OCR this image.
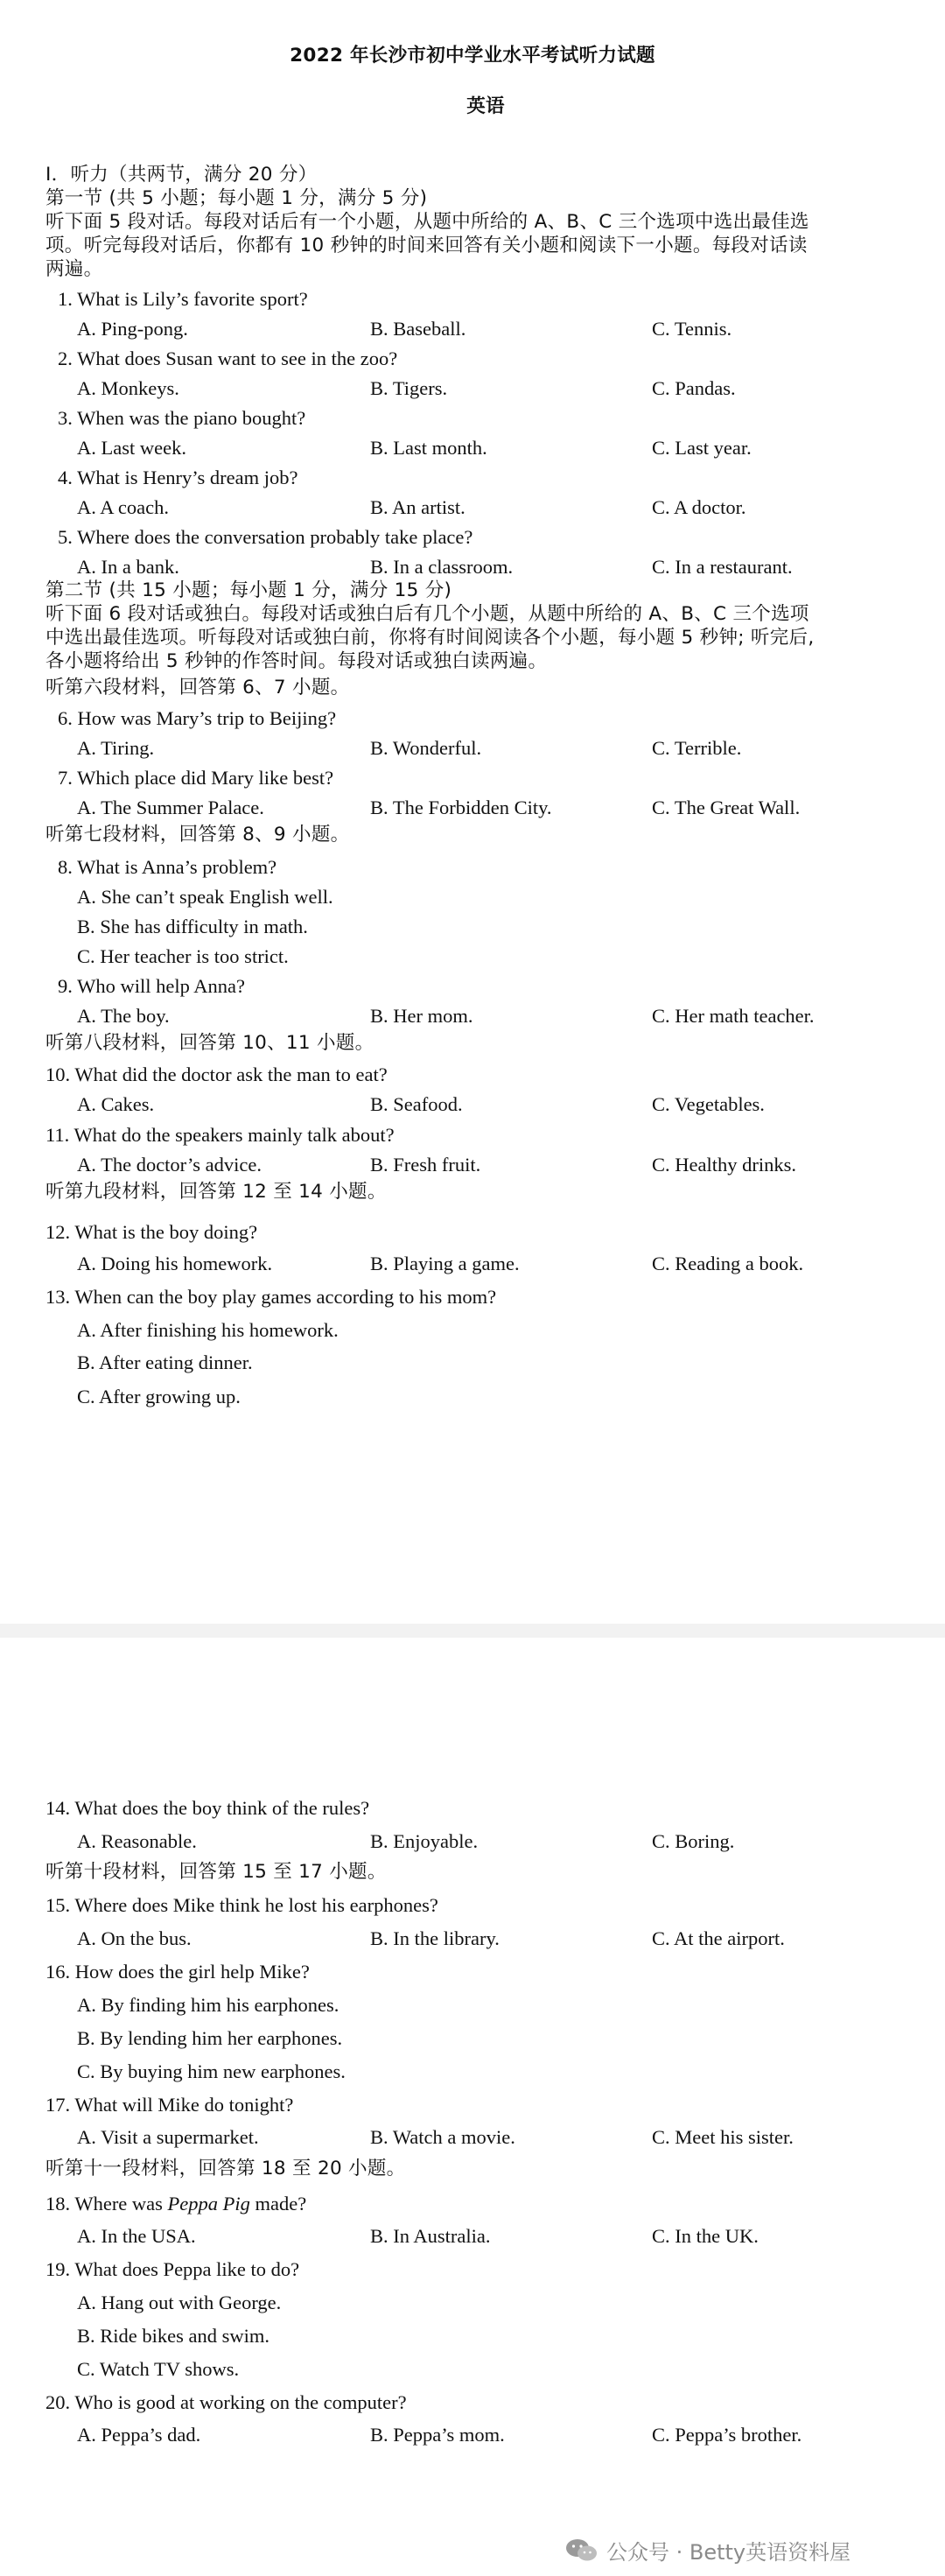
2022 年长沙市初中学业水平考试听力试题
英语
I．听力（共两节，满分 20 分）
第一节 (共 5 小题；每小题 1 分，满分 5 分)
听下面 5 段对话。每段对话后有一个小题，从题中所给的 A、B、C 三个选项中选出最佳选
项。听完每段对话后，你都有 10 秒钟的时间来回答有关小题和阅读下一小题。每段对话读
两遍。
1. What is Lily’s favorite sport?
A. Ping-pong.	B. Baseball.	C. Tennis.
2. What does Susan want to see in the zoo?
A. Monkeys.	B. Tigers.	C. Pandas.
3. When was the piano bought?
A. Last week.	B. Last month.	C. Last year.
4. What is Henry’s dream job?
A. A coach.	B. An artist.	C. A doctor.
5. Where does the conversation probably take place?
A. In a bank.	B. In a classroom.	C. In a restaurant.
第二节 (共 15 小题；每小题 1 分，满分 15 分)
听下面 6 段对话或独白。每段对话或独白后有几个小题，从题中所给的 A、B、C 三个选项
中选出最佳选项。听每段对话或独白前，你将有时间阅读各个小题，每小题 5 秒钟; 听完后,
各小题将给出 5 秒钟的作答时间。每段对话或独白读两遍。
听第六段材料，回答第 6、7 小题。
6. How was Mary’s trip to Beijing?
A. Tiring.	B. Wonderful.	C. Terrible.
7. Which place did Mary like best?
A. The Summer Palace.	B. The Forbidden City.	C. The Great Wall.
听第七段材料，回答第 8、9 小题。
8. What is Anna’s problem?
A. She can’t speak English well.
B. She has difficulty in math.
C. Her teacher is too strict.
9. Who will help Anna?
A. The boy.	B. Her mom.	C. Her math teacher.
听第八段材料，回答第 10、11 小题。
10. What did the doctor ask the man to eat?
A. Cakes.	B. Seafood.	C. Vegetables.
11. What do the speakers mainly talk about?
A. The doctor’s advice.	B. Fresh fruit.	C. Healthy drinks.
听第九段材料，回答第 12 至 14 小题。
12. What is the boy doing?
A. Doing his homework.	B. Playing a game.	C. Reading a book.
13. When can the boy play games according to his mom?
A. After finishing his homework.
B. After eating dinner.
C. After growing up.
14. What does the boy think of the rules?
A. Reasonable.	B. Enjoyable.	C. Boring.
听第十段材料，回答第 15 至 17 小题。
15. Where does Mike think he lost his earphones?
A. On the bus.	B. In the library.	C. At the airport.
16. How does the girl help Mike?
A. By finding him his earphones.
B. By lending him her earphones.
C. By buying him new earphones.
17. What will Mike do tonight?
A. Visit a supermarket.	B. Watch a movie.	C. Meet his sister.
听第十一段材料，回答第 18 至 20 小题。
18. Where was Peppa Pig made?
A. In the USA.	B. In Australia.	C. In the UK.
19. What does Peppa like to do?
A. Hang out with George.
B. Ride bikes and swim.
C. Watch TV shows.
20. Who is good at working on the computer?
A. Peppa’s dad.	B. Peppa’s mom.	C. Peppa’s brother.
公众号 · Betty英语资料屋
